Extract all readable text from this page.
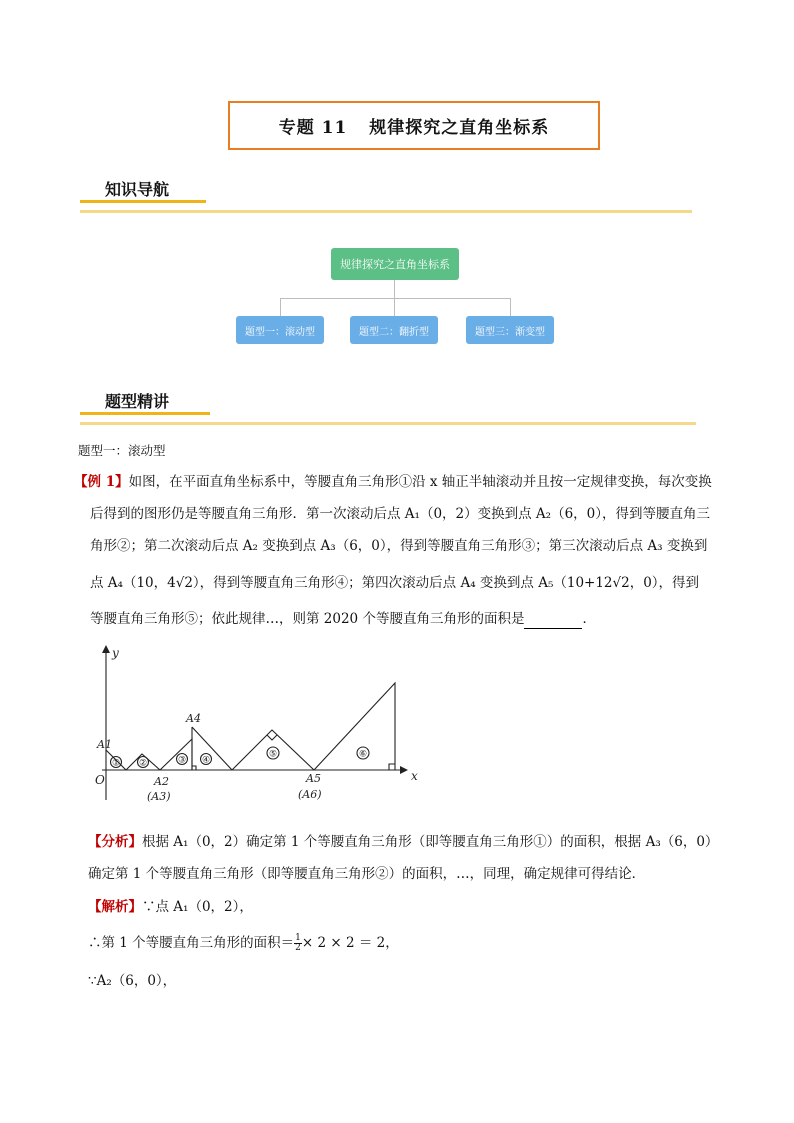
专题 11 规律探究之直角坐标系
知识导航
规律探究之直角坐标系
题型一：滚动型	题型二：翻折型	题型三：渐变型
题型精讲
题型一：滚动型
【例 1】如图，在平面直角坐标系中，等腰直角三角形①沿 x 轴正半轴滚动并且按一定规律变换，每次变换
后得到的图形仍是等腰直角三角形．第一次滚动后点 A₁（0，2）变换到点 A₂（6，0），得到等腰直角三
角形②；第二次滚动后点 A₂ 变换到点 A₃（6，0），得到等腰直角三角形③；第三次滚动后点 A₃ 变换到
点 A₄（10，4√2），得到等腰直角三角形④；第四次滚动后点 A₄ 变换到点 A₅（10+12√2，0），得到
等腰直角三角形⑤；依此规律…，则第 2020 个等腰直角三角形的面积是	．
① ②	③ ④
⑤	⑥
x
y
O
A1
A2
(A3)
A4
A5
(A6)
【分析】根据 A₁（0，2）确定第 1 个等腰直角三角形（即等腰直角三角形①）的面积，根据 A₃（6，0）
确定第 1 个等腰直角三角形（即等腰直角三角形②）的面积，…，同理，确定规律可得结论．
【解析】∵点 A₁（0，2），
∴第 1 个等腰直角三角形的面积＝ $\frac{1}{2} \times 2 \times 2 = 2$，
∵A₂（6，0），
